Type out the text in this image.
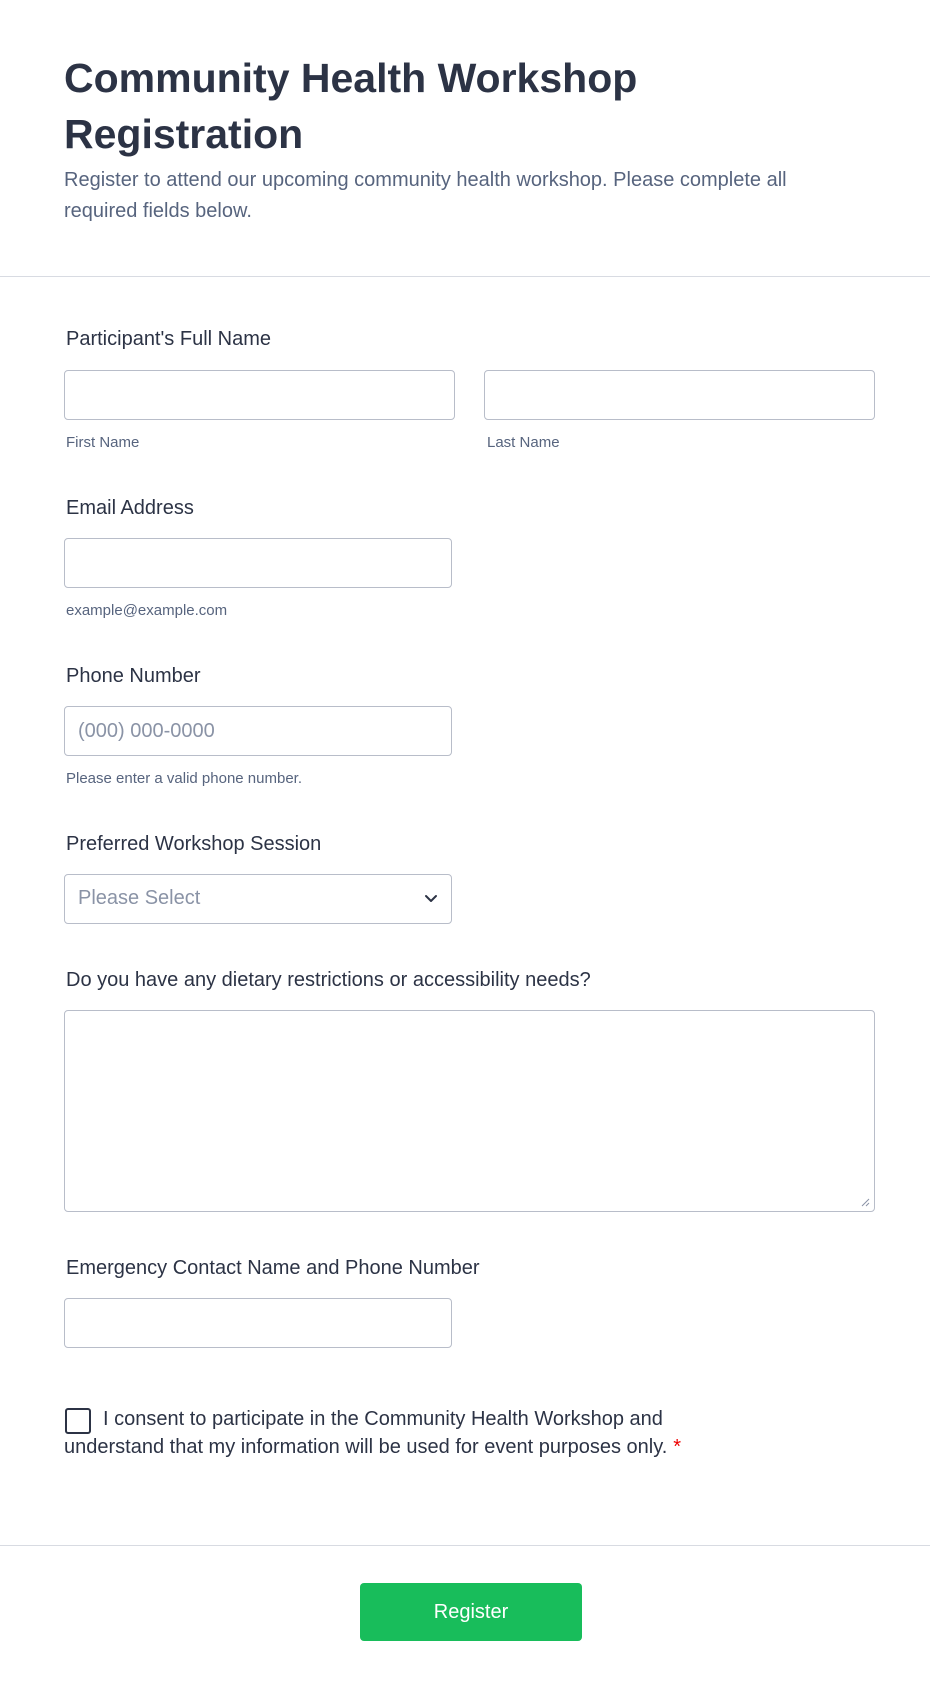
Community Health Workshop Registration

Register to attend our upcoming community health workshop. Please complete all required fields below.

Participant's Full Name
First Name	Last Name
Email Address
example@example.com
Phone Number
(000) 000-0000
Please enter a valid phone number.
Preferred Workshop Session
Please Select
Do you have any dietary restrictions or accessibility needs?
Emergency Contact Name and Phone Number
I consent to participate in the Community Health Workshop and understand that my information will be used for event purposes only. *
Register
